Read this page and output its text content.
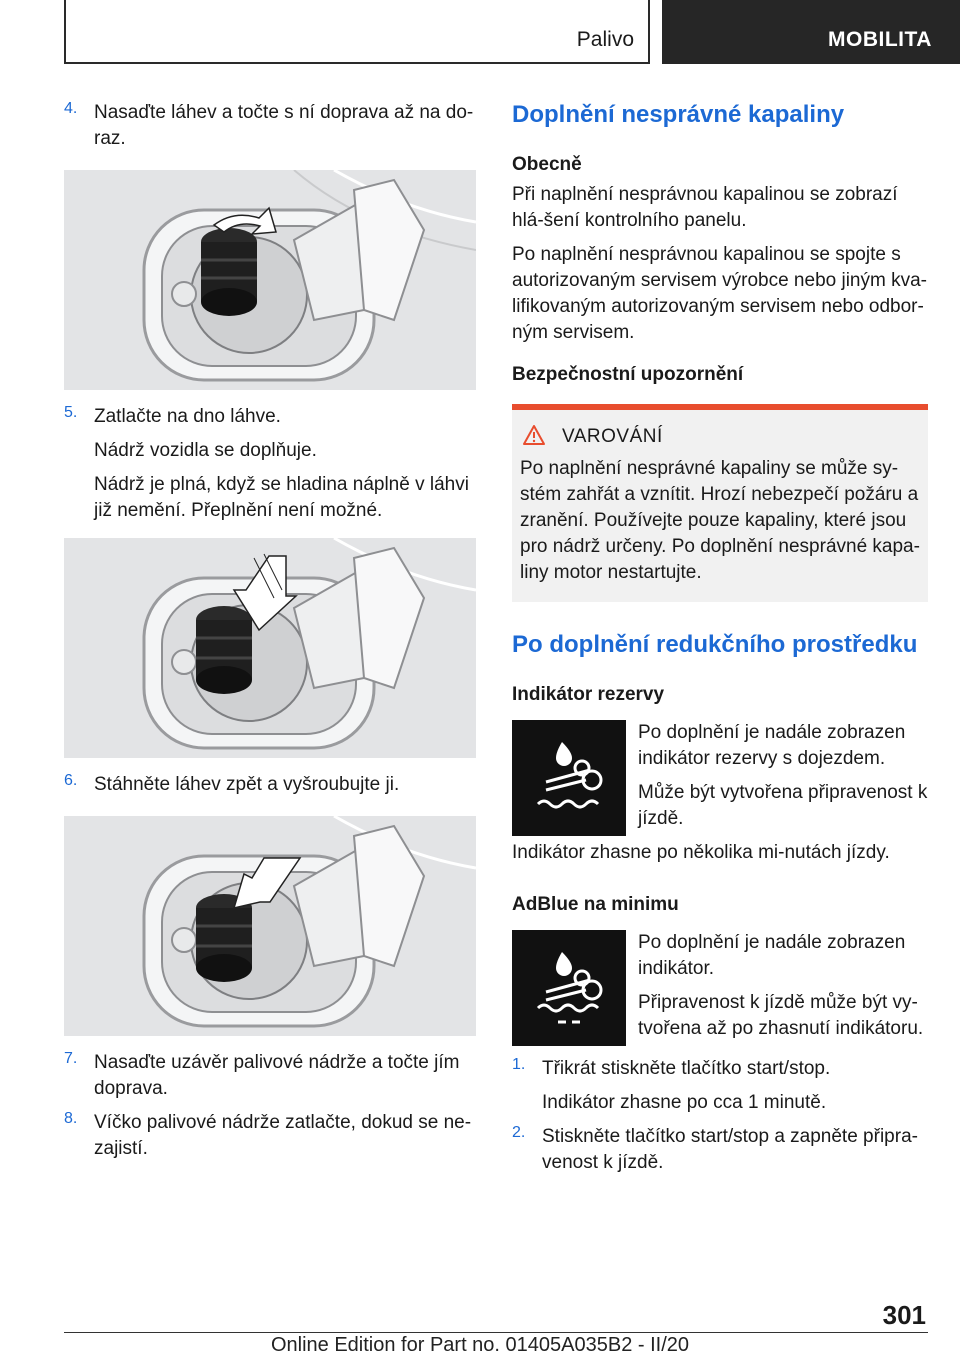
Palivo	MOBILITA
4. Nasaďte láhev a točte s ní doprava až na do-raz.

5. Zatlačte na dno láhve.

Nádrž vozidla se doplňuje.

Nádrž je plná, když se hladina náplně v láhvi již nemění. Přeplnění není možné.

6. Stáhněte láhev zpět a vyšroubujte ji.

7. Nasaďte uzávěr palivové nádrže a točte jím doprava.

8. Víčko palivové nádrže zatlačte, dokud se ne-zajistí.

Doplnění nesprávné kapaliny
Obecně

Při naplnění nesprávnou kapalinou se zobrazí hlá-šení kontrolního panelu.

Po naplnění nesprávnou kapalinou se spojte s autorizovaným servisem výrobce nebo jiným kva-lifikovaným autorizovaným servisem nebo odbor-ným servisem.

Bezpečnostní upozornění
VAROVÁNÍ

Po naplnění nesprávné kapaliny se může sy-stém zahřát a vznítit. Hrozí nebezpečí požáru a zranění. Používejte pouze kapaliny, které jsou pro nádrž určeny. Po doplnění nesprávné kapa-liny motor nestartujte.

Po doplnění redukčního prostředku
Indikátor rezervy

Po doplnění je nadále zobrazen indikátor rezervy s dojezdem.

Může být vytvořena připravenost k jízdě.

Indikátor zhasne po několika mi-nutách jízdy.

AdBlue na minimu

Po doplnění je nadále zobrazen indikátor.

Připravenost k jízdě může být vy-tvořena až po zhasnutí indikátoru.

1. Třikrát stiskněte tlačítko start/stop.

Indikátor zhasne po cca 1 minutě.

2. Stiskněte tlačítko start/stop a zapněte připra-venost k jízdě.

301
Online Edition for Part no. 01405A035B2 - II/20
